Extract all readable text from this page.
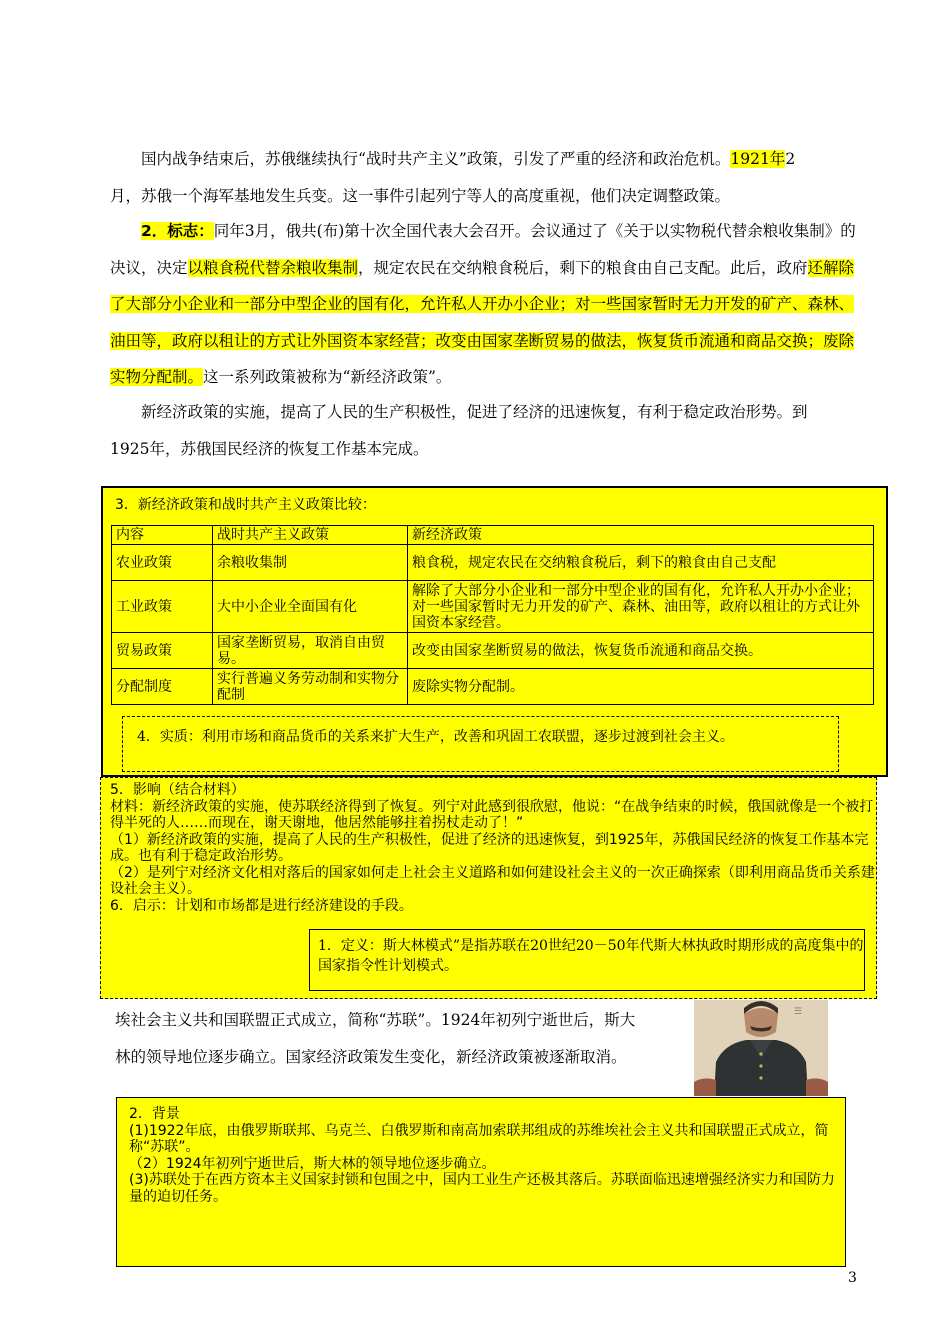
国内战争结束后，苏俄继续执行“战时共产主义”政策，引发了严重的经济和政治危机。1921年2

月，苏俄一个海军基地发生兵变。这一事件引起列宁等人的高度重视，他们决定调整政策。

2．标志：同年3月，俄共(布)第十次全国代表大会召开。会议通过了《关于以实物税代替余粮收集制》的决议，决定以粮食税代替余粮收集制，规定农民在交纳粮食税后，剩下的粮食由自己支配。此后，政府还解除了大部分小企业和一部分中型企业的国有化，允许私人开办小企业；对一些国家暂时无力开发的矿产、森林、油田等，政府以租让的方式让外国资本家经营；改变由国家垄断贸易的做法，恢复货币流通和商品交换；废除实物分配制。这一系列政策被称为“新经济政策”。

新经济政策的实施，提高了人民的生产积极性，促进了经济的迅速恢复，有利于稳定政治形势。到

1925年，苏俄国民经济的恢复工作基本完成。

3．新经济政策和战时共产主义政策比较：
内容	战时共产主义政策	新经济政策
农业政策	余粮收集制	粮食税，规定农民在交纳粮食税后，剩下的粮食由自己支配
工业政策	大中小企业全面国有化	解除了大部分小企业和一部分中型企业的国有化，允许私人开办小企业；对一些国家暂时无力开发的矿产、森林、油田等，政府以租让的方式让外国资本家经营。
贸易政策	国家垄断贸易，取消自由贸易。	改变由国家垄断贸易的做法，恢复货币流通和商品交换。
分配制度	实行普遍义务劳动制和实物分配制	废除实物分配制。
4．实质：利用市场和商品货币的关系来扩大生产，改善和巩固工农联盟，逐步过渡到社会主义。

5．影响（结合材料）

材料：新经济政策的实施，使苏联经济得到了恢复。列宁对此感到很欣慰，他说：“在战争结束的时候，俄国就像是一个被打得半死的人……而现在，谢天谢地，他居然能够拄着拐杖走动了！”

（1）新经济政策的实施，提高了人民的生产积极性，促进了经济的迅速恢复，到1925年，苏俄国民经济的恢复工作基本完成。也有利于稳定政治形势。

（2）是列宁对经济文化相对落后的国家如何走上社会主义道路和如何建设社会主义的一次正确探索（即利用商品货币关系建设社会主义）。

6．启示：计划和市场都是进行经济建设的手段。

1．定义：斯大林模式”是指苏联在20世纪20－50年代斯大林执政时期形成的高度集中的国家指令性计划模式。

埃社会主义共和国联盟正式成立，简称“苏联”。1924年初列宁逝世后，斯大

林的领导地位逐步确立。国家经济政策发生变化，新经济政策被逐渐取消。

☰

2．背景

(1)1922年底，由俄罗斯联邦、乌克兰、白俄罗斯和南高加索联邦组成的苏维埃社会主义共和国联盟正式成立，简称“苏联”。

（2）1924年初列宁逝世后，斯大林的领导地位逐步确立。

(3)苏联处于在西方资本主义国家封锁和包围之中，国内工业生产还极其落后。苏联面临迅速增强经济实力和国防力量的迫切任务。

3
